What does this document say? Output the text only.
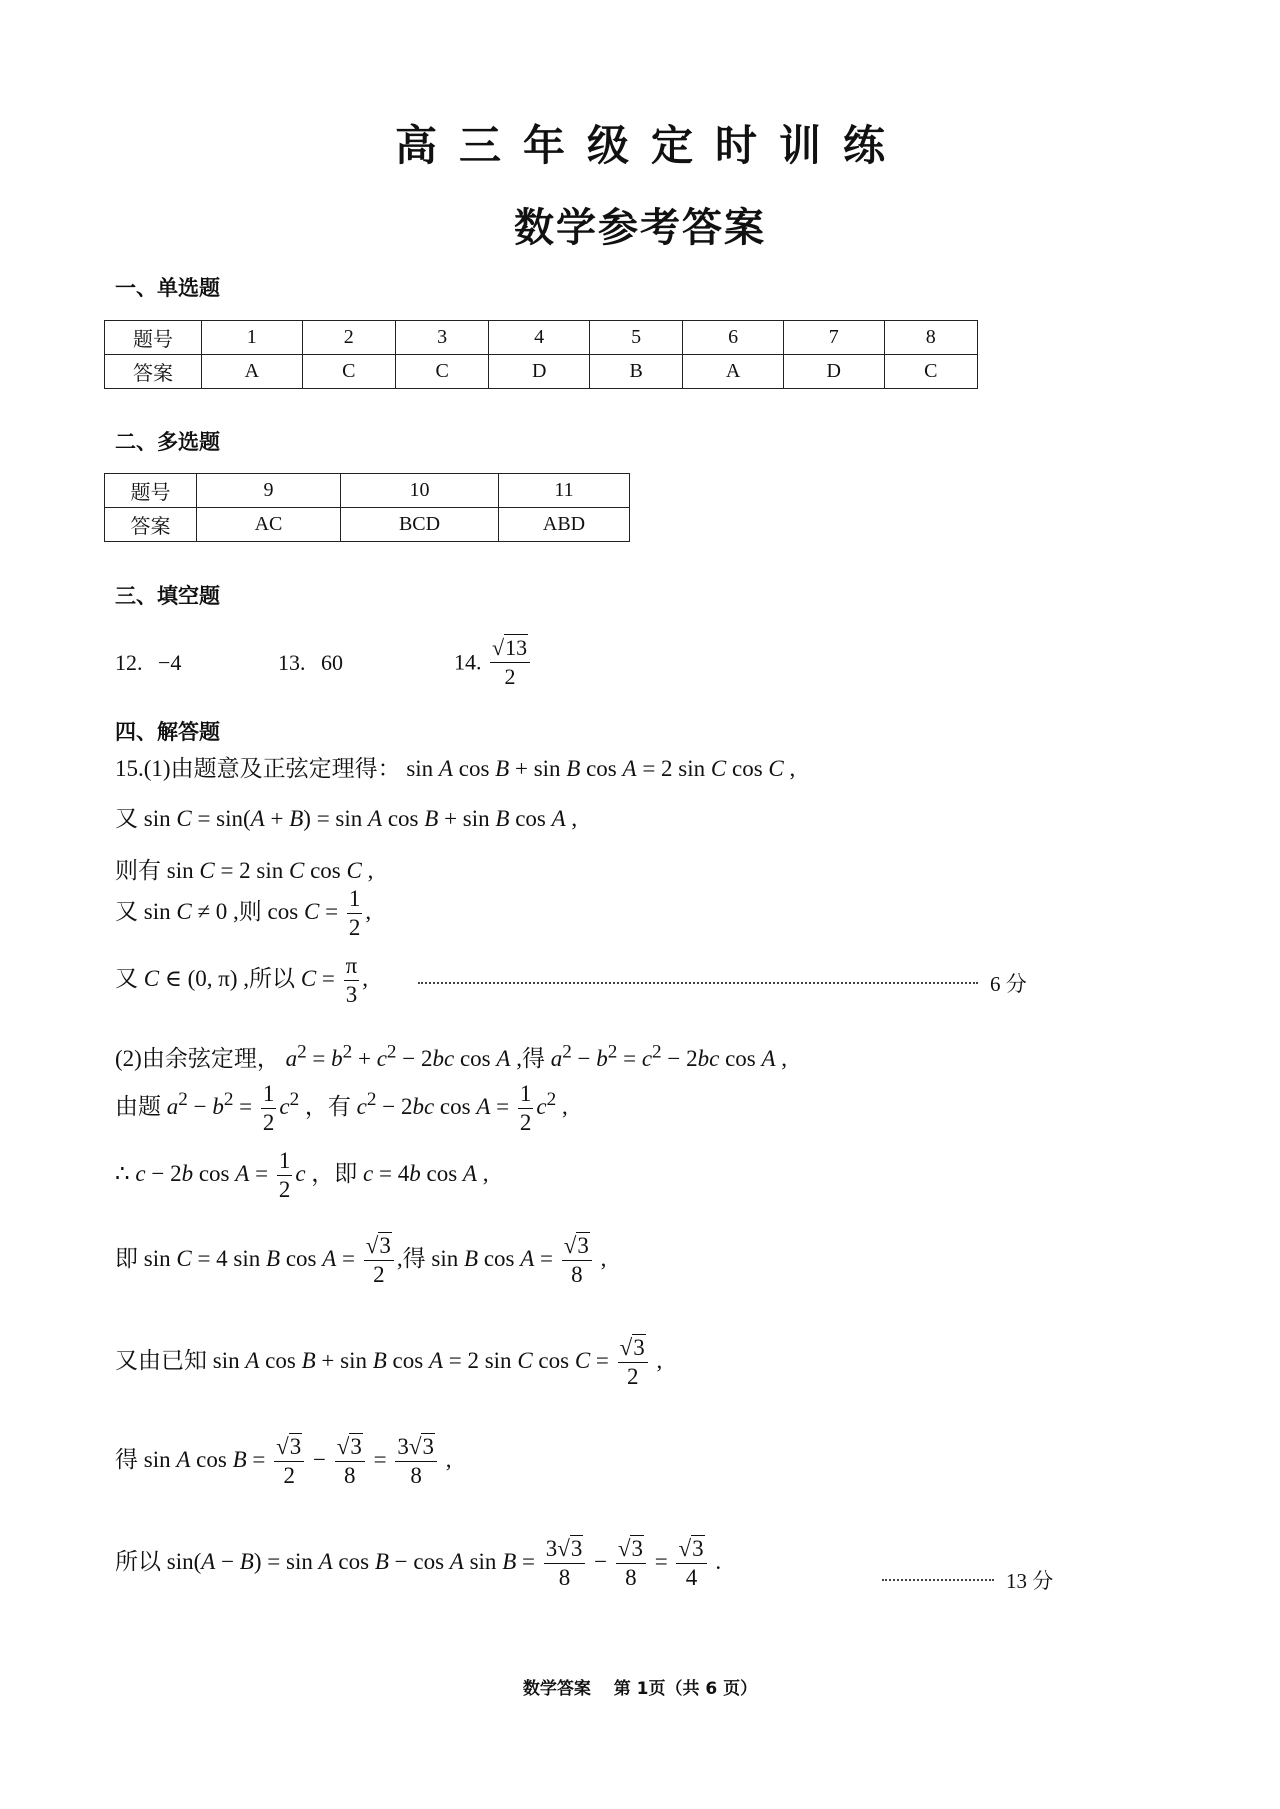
高三年级定时训练
数学参考答案
一、单选题
题号	1	2	3	4	5	6	7	8
答案	A	C	C	D	B	A	D	C
二、多选题
题号	9	10	11
答案	AC	BCD	ABD
三、填空题
12. −4	13. 60	14. $\frac{√13}{2}$
四、解答题
15.(1)由题意及正弦定理得： sin A cos B + sin B cos A = 2 sin C cos C ,
又 sin C = sin(A + B) = sin A cos B + sin B cos A ,
则有 sin C = 2 sin C cos C ,
又 sin C ≠ 0 ,则 $\cos C = \frac{1}{2}$ ,
又 C ∈ (0, π) ,所以 $C = \frac{\pi}{3}$ ,	6 分
(2)由余弦定理， $a^2 = b^2 + c^2 - 2bc$ cos A ,得 $a^2 - b^2 = c^2 - 2bc$ cos A ,
由题 $a^2 - b^2 = \frac{1}{2} c^2$ ，有 $c^2 - 2bc$ $\cos A = \frac{1}{2} c^2$ ,
∴ c − 2b $\cos A = \frac{1}{2}$ c ，即 c = 4b cos A ,
即 sin C = 4 sin B $\cos A = \frac{√3}{2}$ ,得 sin B $\cos A = \frac{√3}{8}$ ,
又由已知 sin A cos B + sin B cos A = 2 sin C $\cos C = \frac{√3}{2}$ ,
得 sin A $\cos B = \frac{√3}{2} - \frac{√3}{8} = \frac{3√3}{8}$ ,
所以 sin(A − B) = sin A cos B − cos A $\sin B = \frac{3√3}{8} - \frac{√3}{8} = \frac{√3}{4}$ .
13 分
数学答案　 第 1页（共 6 页）
